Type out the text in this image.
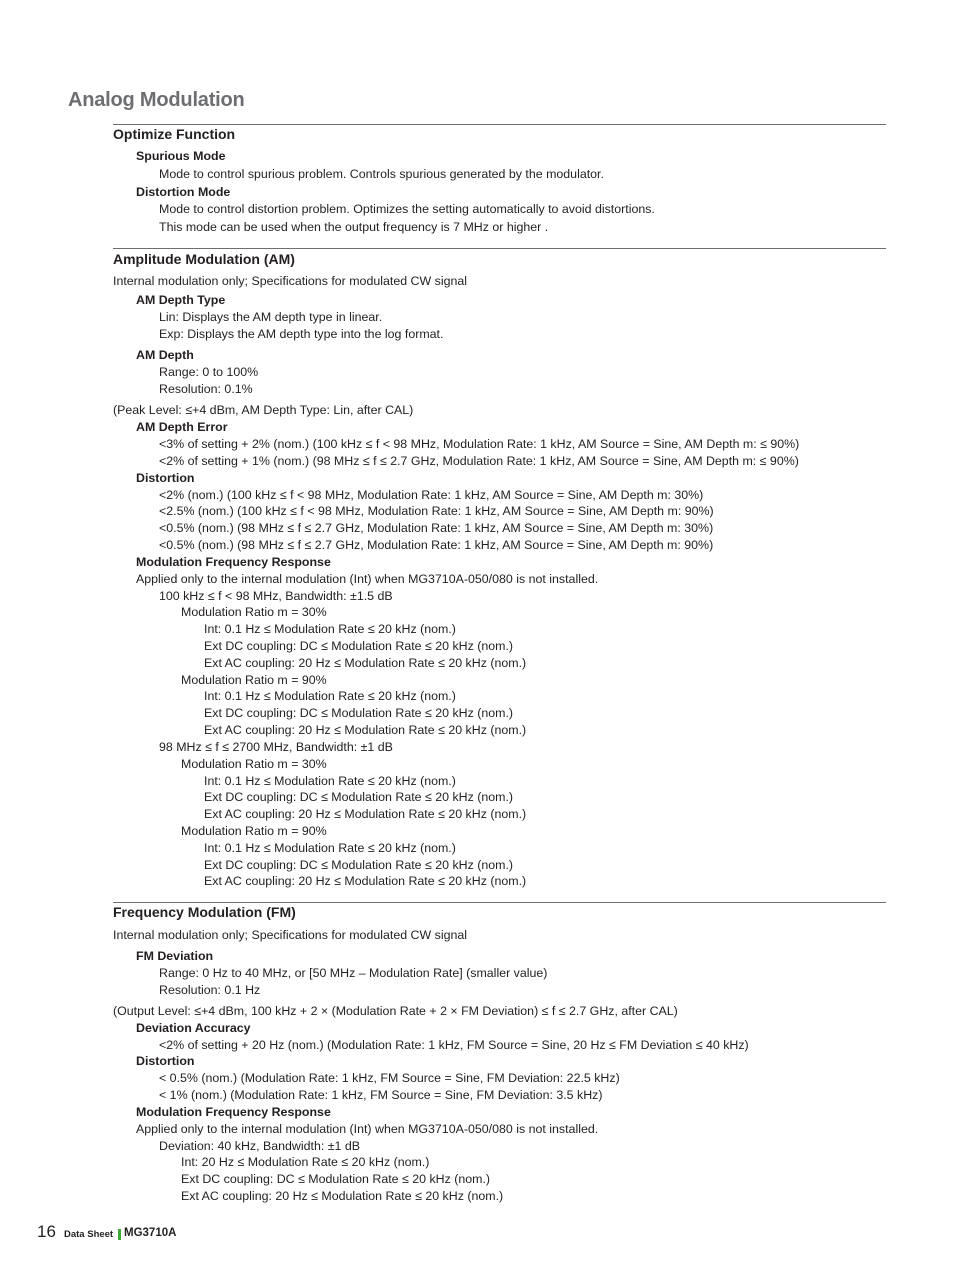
Analog Modulation
Optimize Function
Spurious Mode
Mode to control spurious problem. Controls spurious generated by the modulator.
Distortion Mode
Mode to control distortion problem. Optimizes the setting automatically to avoid distortions.
This mode can be used when the output frequency is 7 MHz or higher .
Amplitude Modulation (AM)
Internal modulation only; Specifications for modulated CW signal
AM Depth Type
Lin: Displays the AM depth type in linear.
Exp: Displays the AM depth type into the log format.
AM Depth
Range: 0 to 100%
Resolution: 0.1%
(Peak Level: ≤+4 dBm, AM Depth Type: Lin, after CAL)
AM Depth Error
<3% of setting + 2% (nom.) (100 kHz ≤ f < 98 MHz, Modulation Rate: 1 kHz, AM Source = Sine, AM Depth m: ≤ 90%)
<2% of setting + 1% (nom.) (98 MHz ≤ f ≤ 2.7 GHz, Modulation Rate: 1 kHz, AM Source = Sine, AM Depth m: ≤ 90%)
Distortion
<2% (nom.) (100 kHz ≤ f < 98 MHz, Modulation Rate: 1 kHz, AM Source = Sine, AM Depth m: 30%)
<2.5% (nom.) (100 kHz ≤ f < 98 MHz, Modulation Rate: 1 kHz, AM Source = Sine, AM Depth m: 90%)
<0.5% (nom.) (98 MHz ≤ f ≤ 2.7 GHz, Modulation Rate: 1 kHz, AM Source = Sine, AM Depth m: 30%)
<0.5% (nom.) (98 MHz ≤ f ≤ 2.7 GHz, Modulation Rate: 1 kHz, AM Source = Sine, AM Depth m: 90%)
Modulation Frequency Response
Applied only to the internal modulation (Int) when MG3710A-050/080 is not installed.
100 kHz ≤ f < 98 MHz, Bandwidth: ±1.5 dB
Modulation Ratio m = 30%
Int: 0.1 Hz ≤ Modulation Rate ≤ 20 kHz (nom.)
Ext DC coupling: DC ≤ Modulation Rate ≤ 20 kHz (nom.)
Ext AC coupling: 20 Hz ≤ Modulation Rate ≤ 20 kHz (nom.)
Modulation Ratio m = 90%
Int: 0.1 Hz ≤ Modulation Rate ≤ 20 kHz (nom.)
Ext DC coupling: DC ≤ Modulation Rate ≤ 20 kHz (nom.)
Ext AC coupling: 20 Hz ≤ Modulation Rate ≤ 20 kHz (nom.)
98 MHz ≤ f ≤ 2700 MHz, Bandwidth: ±1 dB
Modulation Ratio m = 30%
Int: 0.1 Hz ≤ Modulation Rate ≤ 20 kHz (nom.)
Ext DC coupling: DC ≤ Modulation Rate ≤ 20 kHz (nom.)
Ext AC coupling: 20 Hz ≤ Modulation Rate ≤ 20 kHz (nom.)
Modulation Ratio m = 90%
Int: 0.1 Hz ≤ Modulation Rate ≤ 20 kHz (nom.)
Ext DC coupling: DC ≤ Modulation Rate ≤ 20 kHz (nom.)
Ext AC coupling: 20 Hz ≤ Modulation Rate ≤ 20 kHz (nom.)
Frequency Modulation (FM)
Internal modulation only; Specifications for modulated CW signal
FM Deviation
Range: 0 Hz to 40 MHz, or [50 MHz – Modulation Rate] (smaller value)
Resolution: 0.1 Hz
(Output Level: ≤+4 dBm, 100 kHz + 2 × (Modulation Rate + 2 × FM Deviation) ≤ f ≤ 2.7 GHz, after CAL)
Deviation Accuracy
<2% of setting + 20 Hz (nom.) (Modulation Rate: 1 kHz, FM Source = Sine, 20 Hz ≤ FM Deviation ≤ 40 kHz)
Distortion
< 0.5% (nom.) (Modulation Rate: 1 kHz, FM Source = Sine, FM Deviation: 22.5 kHz)
< 1% (nom.) (Modulation Rate: 1 kHz, FM Source = Sine, FM Deviation: 3.5 kHz)
Modulation Frequency Response
Applied only to the internal modulation (Int) when MG3710A-050/080 is not installed.
Deviation: 40 kHz, Bandwidth: ±1 dB
Int: 20 Hz ≤ Modulation Rate ≤ 20 kHz (nom.)
Ext DC coupling: DC ≤ Modulation Rate ≤ 20 kHz (nom.)
Ext AC coupling: 20 Hz ≤ Modulation Rate ≤ 20 kHz (nom.)
16 Data Sheet MG3710A
